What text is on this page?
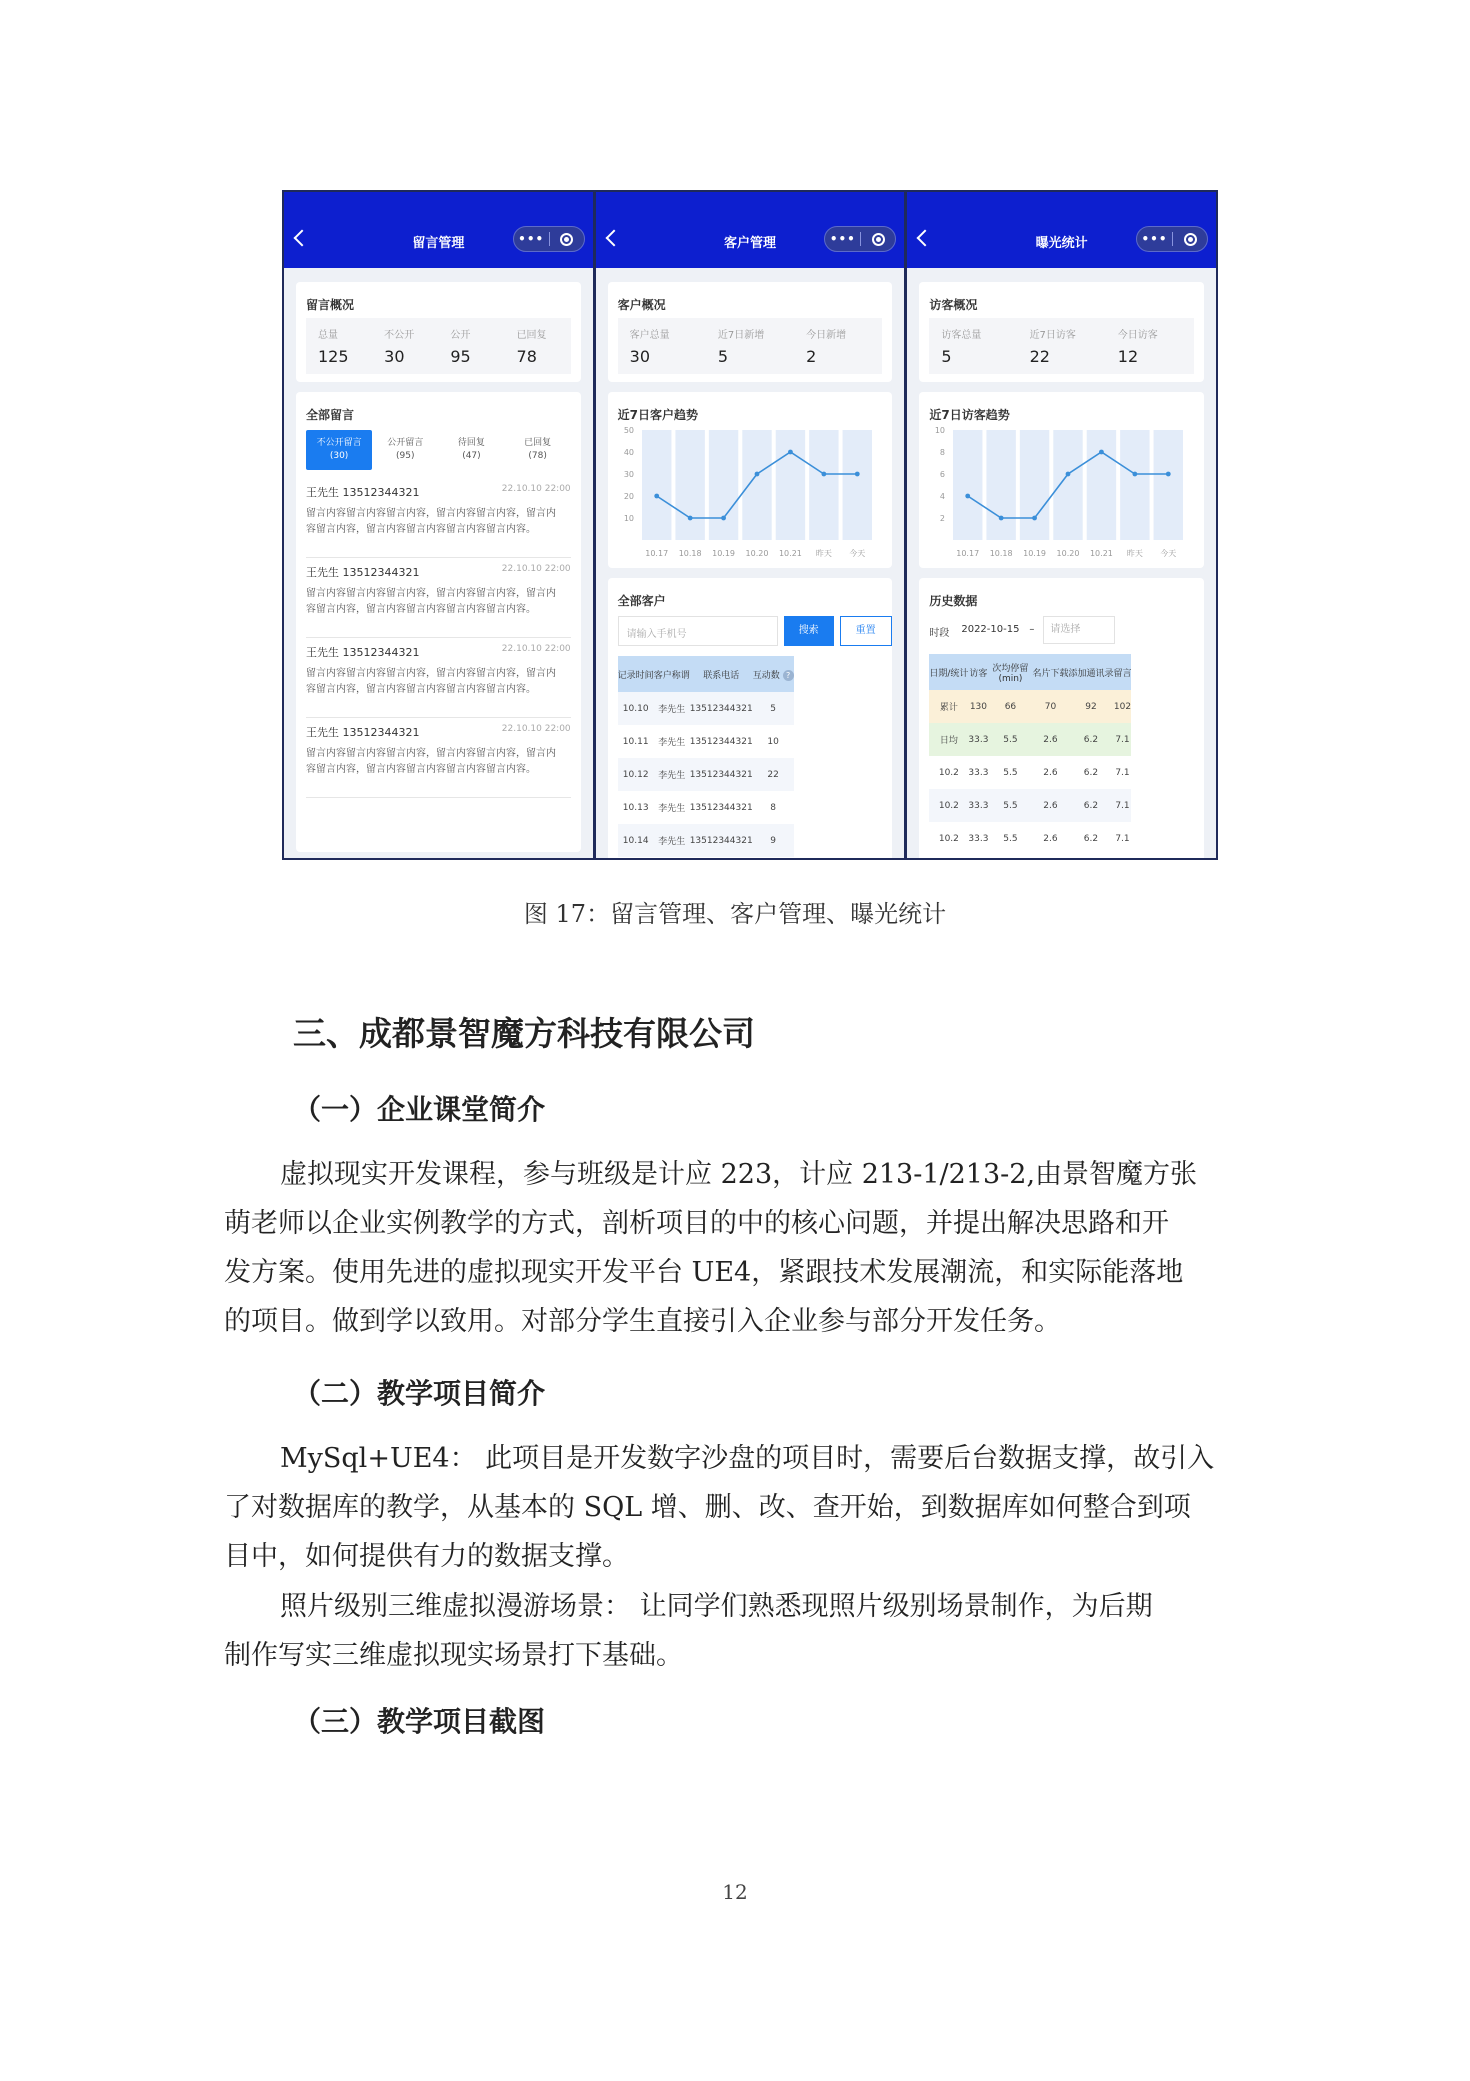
留言管理	•••
留言概况
总量
125
不公开
30
公开
95
已回复
78
全部留言
不公开留言
(30)
公开留言
(95)
待回复
(47)
已回复
(78)
王先生 13512344321	22.10.10 22:00
留言内容留言内容留言内容，留言内容留言内容，留言内
容留言内容，留言内容留言内容留言内容留言内容。
王先生 13512344321	22.10.10 22:00
留言内容留言内容留言内容，留言内容留言内容，留言内
容留言内容，留言内容留言内容留言内容留言内容。
王先生 13512344321	22.10.10 22:00
留言内容留言内容留言内容，留言内容留言内容，留言内
容留言内容，留言内容留言内容留言内容留言内容。
王先生 13512344321	22.10.10 22:00
留言内容留言内容留言内容，留言内容留言内容，留言内
容留言内容，留言内容留言内容留言内容留言内容。
客户管理	•••
客户概况
客户总量
30
近7日新增
5
今日新增
2
近7日客户趋势
10
20
30
40
50
10.17 10.18 10.19 10.20 10.21 昨天 今天
全部客户
请输入手机号	搜索	重置
记录时间	客户称谓	联系电话	互动数 ?
10.10	李先生	13512344321	5
10.11	李先生	13512344321	10
10.12	李先生	13512344321	22
10.13	李先生	13512344321	8
10.14	李先生	13512344321	9
曝光统计	•••
访客概况
访客总量
5
近7日访客
22
今日访客
12
近7日访客趋势
2
4
6
8
10
10.17 10.18 10.19 10.20 10.21 昨天 今天
历史数据
时段	2022-10-15 –	请选择
日期/统计	访客	次均停留(min)	名片下载	添加通讯录	留言
累计	130	66	70	92	102
日均	33.3	5.5	2.6	6.2	7.1
10.2	33.3	5.5	2.6	6.2	7.1
10.2	33.3	5.5	2.6	6.2	7.1
10.2	33.3	5.5	2.6	6.2	7.1
图 17：留言管理、客户管理、曝光统计
三、成都景智魔方科技有限公司
（一）企业课堂简介
虚拟现实开发课程，参与班级是计应 223，计应 213-1/213-2,由景智魔方张
萌老师以企业实例教学的方式，剖析项目的中的核心问题，并提出解决思路和开
发方案。使用先进的虚拟现实开发平台 UE4，紧跟技术发展潮流，和实际能落地
的项目。做到学以致用。对部分学生直接引入企业参与部分开发任务。
（二）教学项目简介
MySql+UE4： 此项目是开发数字沙盘的项目时，需要后台数据支撑，故引入
了对数据库的教学，从基本的 SQL 增、删、改、查开始，到数据库如何整合到项
目中，如何提供有力的数据支撑。
照片级别三维虚拟漫游场景： 让同学们熟悉现照片级别场景制作，为后期
制作写实三维虚拟现实场景打下基础。
（三）教学项目截图
12
